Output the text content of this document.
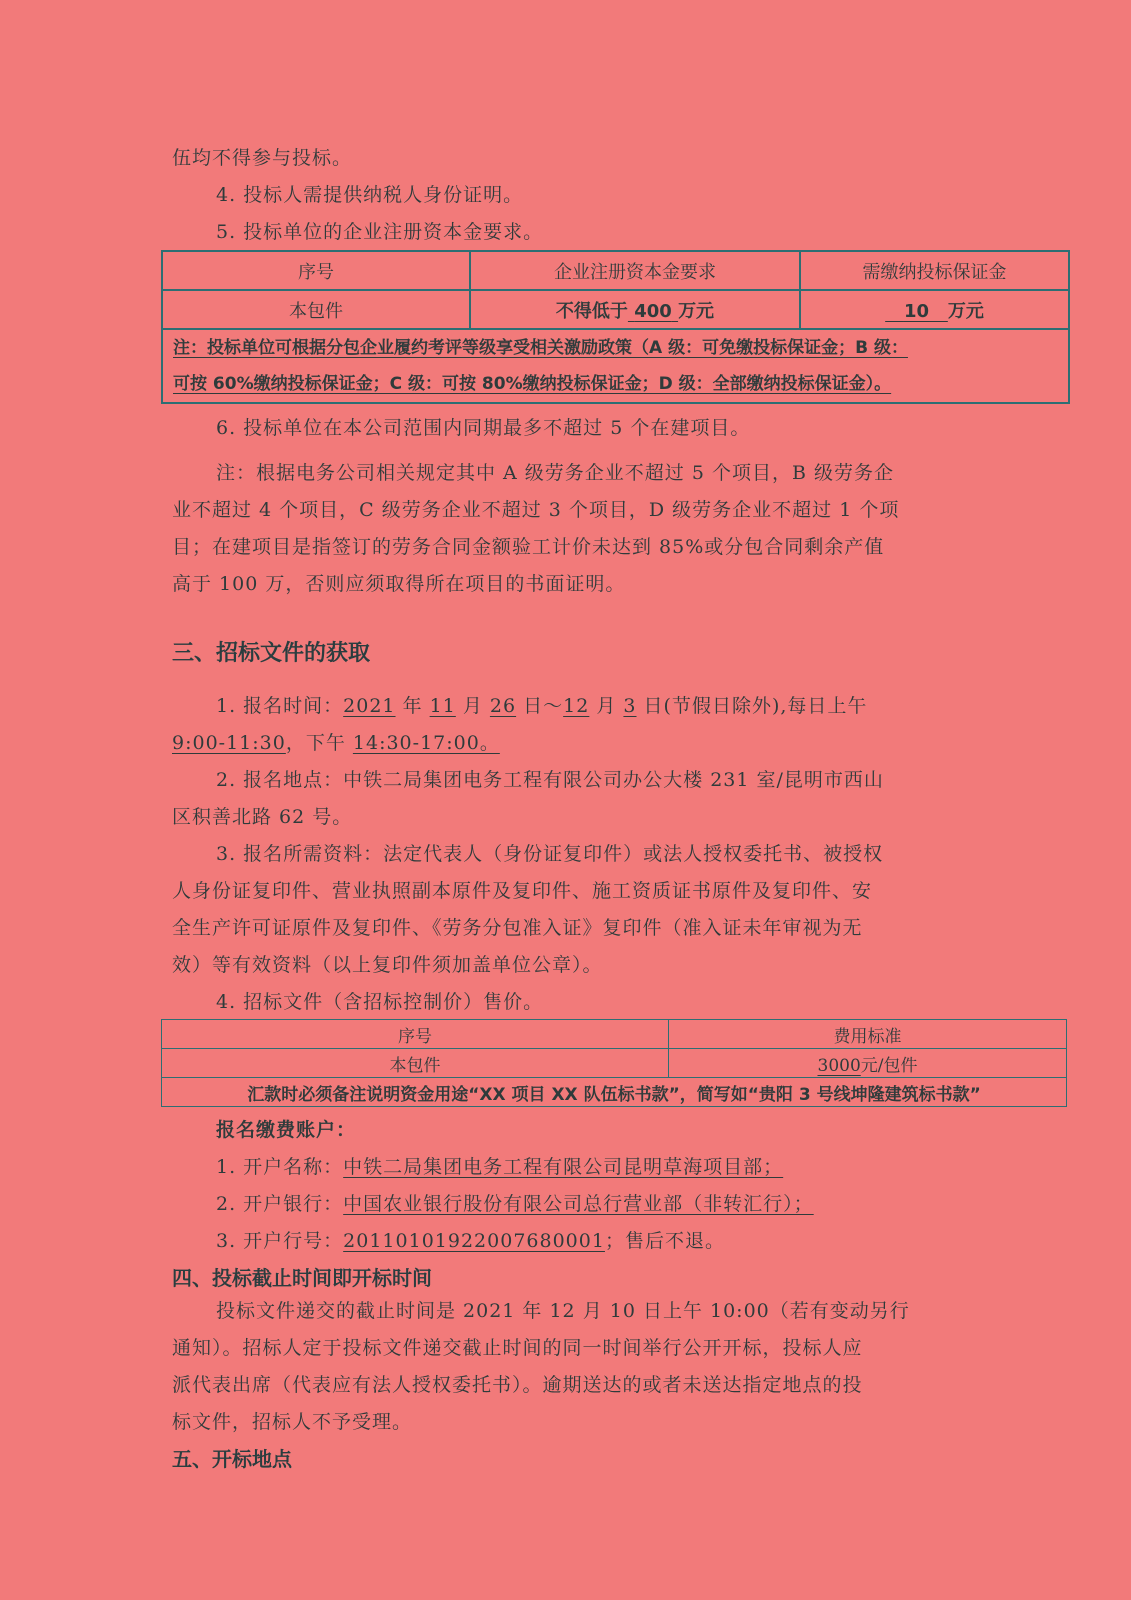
伍均不得参与投标。
4. 投标人需提供纳税人身份证明。
5. 投标单位的企业注册资本金要求。
序号	企业注册资本金要求	需缴纳投标保证金
本包件	不得低于 400 万元	10 万元

注：投标单位可根据分包企业履约考评等级享受相关激励政策（A 级：可免缴投标保证金；B 级：
可按 60%缴纳投标保证金；C 级：可按 80%缴纳投标保证金；D 级：全部缴纳投标保证金）。		
6. 投标单位在本公司范围内同期最多不超过 5 个在建项目。
注：根据电务公司相关规定其中 A 级劳务企业不超过 5 个项目，B 级劳务企
业不超过 4 个项目，C 级劳务企业不超过 3 个项目，D 级劳务企业不超过 1 个项
目；在建项目是指签订的劳务合同金额验工计价未达到 85%或分包合同剩余产值
高于 100 万，否则应须取得所在项目的书面证明。
三、招标文件的获取
1. 报名时间：2021 年 11 月 26 日～12 月 3 日(节假日除外),每日上午
9:00-11:30，下午 14:30-17:00。
2. 报名地点：中铁二局集团电务工程有限公司办公大楼 231 室/昆明市西山
区积善北路 62 号。
3. 报名所需资料：法定代表人（身份证复印件）或法人授权委托书、被授权
人身份证复印件、营业执照副本原件及复印件、施工资质证书原件及复印件、安
全生产许可证原件及复印件、《劳务分包准入证》复印件（准入证未年审视为无
效）等有效资料（以上复印件须加盖单位公章）。
4. 招标文件（含招标控制价）售价。
序号	费用标准
本包件	3000元/包件
汇款时必须备注说明资金用途“XX 项目 XX 队伍标书款”，简写如“贵阳 3 号线坤隆建筑标书款”	
报名缴费账户：
1. 开户名称：中铁二局集团电务工程有限公司昆明草海项目部；
2. 开户银行：中国农业银行股份有限公司总行营业部（非转汇行）；
3. 开户行号：20110101922007680001；售后不退。
四、投标截止时间即开标时间
投标文件递交的截止时间是 2021 年 12 月 10 日上午 10:00（若有变动另行
通知）。招标人定于投标文件递交截止时间的同一时间举行公开开标，投标人应
派代表出席（代表应有法人授权委托书）。逾期送达的或者未送达指定地点的投
标文件，招标人不予受理。
五、开标地点
